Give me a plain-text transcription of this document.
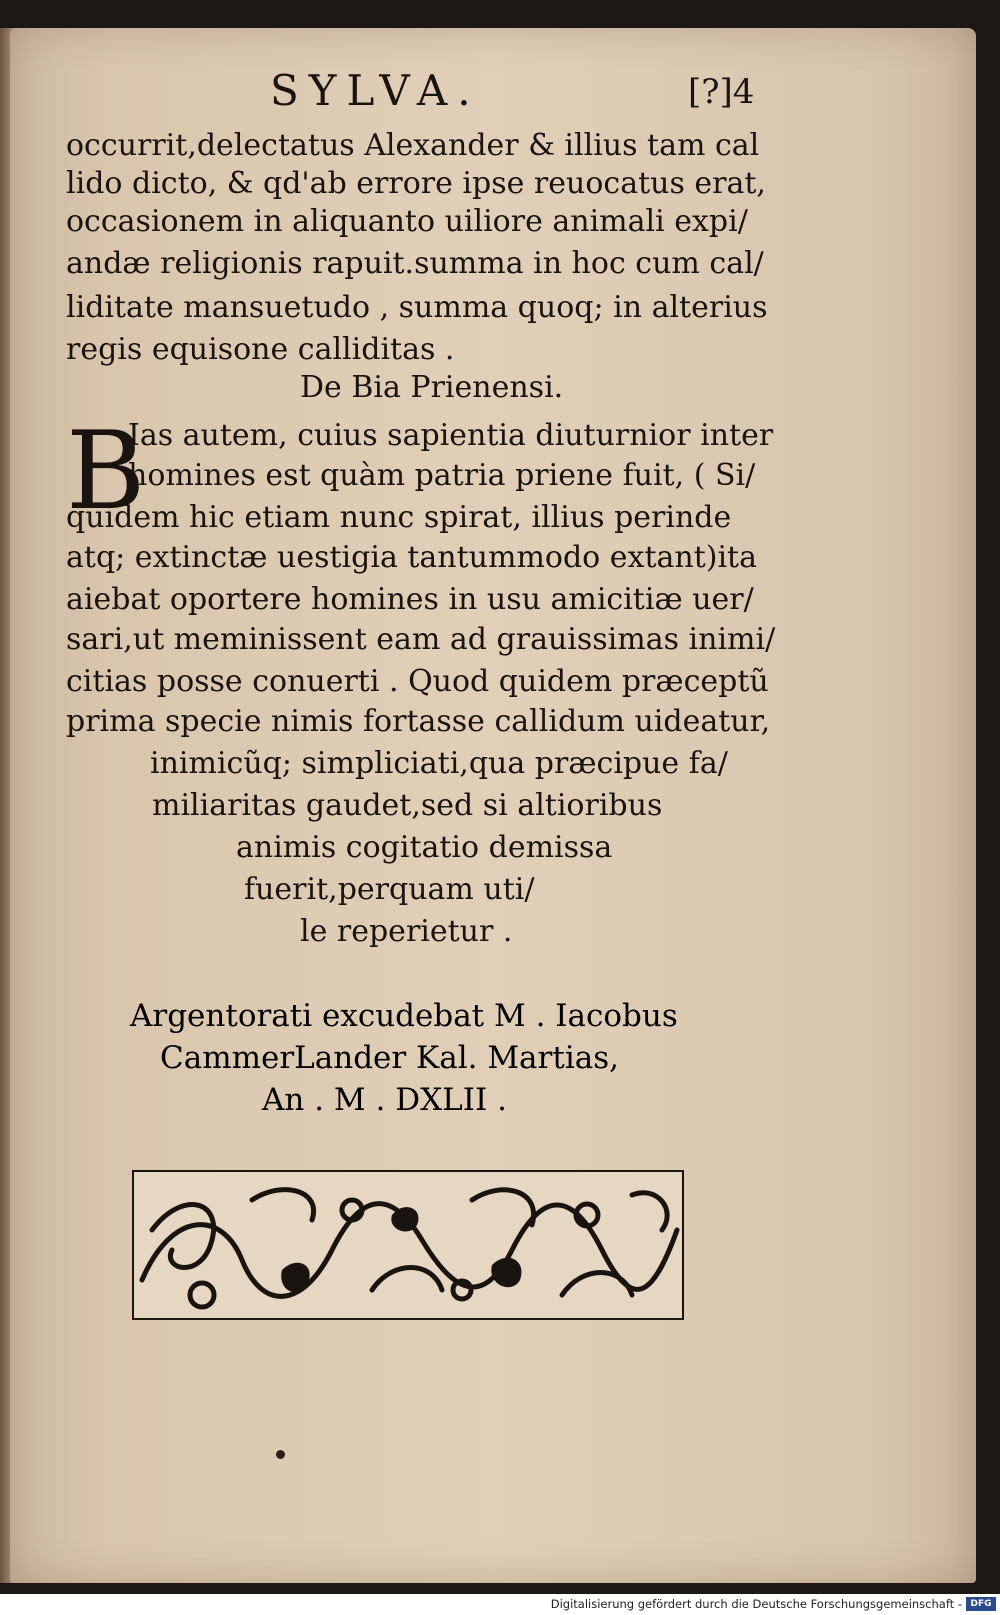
SYLVA.	[?]4
occurrit,delectatus Alexander & illius tam cal
lido dicto, & qd'ab errore ipse reuocatus erat,
occasionem in aliquanto uiliore animali expi/
andæ religionis rapuit.summa in hoc cum cal/
liditate mansuetudo , summa quoq; in alterius
regis equisone calliditas .
De Bia Prienensi.
B
Ias autem, cuius sapientia diuturnior inter
homines est quàm patria priene fuit, ( Si/
quidem hic etiam nunc spirat, illius perinde
atq; extinctæ uestigia tantummodo extant)ita
aiebat oportere homines in usu amicitiæ uer/
sari,ut meminissent eam ad grauissimas inimi/
citias posse conuerti . Quod quidem præceptũ
prima specie nimis fortasse callidum uideatur,
inimicũq; simpliciati,qua præcipue fa/
miliaritas gaudet,sed si altioribus
animis cogitatio demissa
fuerit,perquam uti/
le reperietur .
Argentorati excudebat M . Iacobus
CammerLander Kal. Martias,
An . M . DXLII .
Digitalisierung gefördert durch die Deutsche Forschungsgemeinschaft - DFG
